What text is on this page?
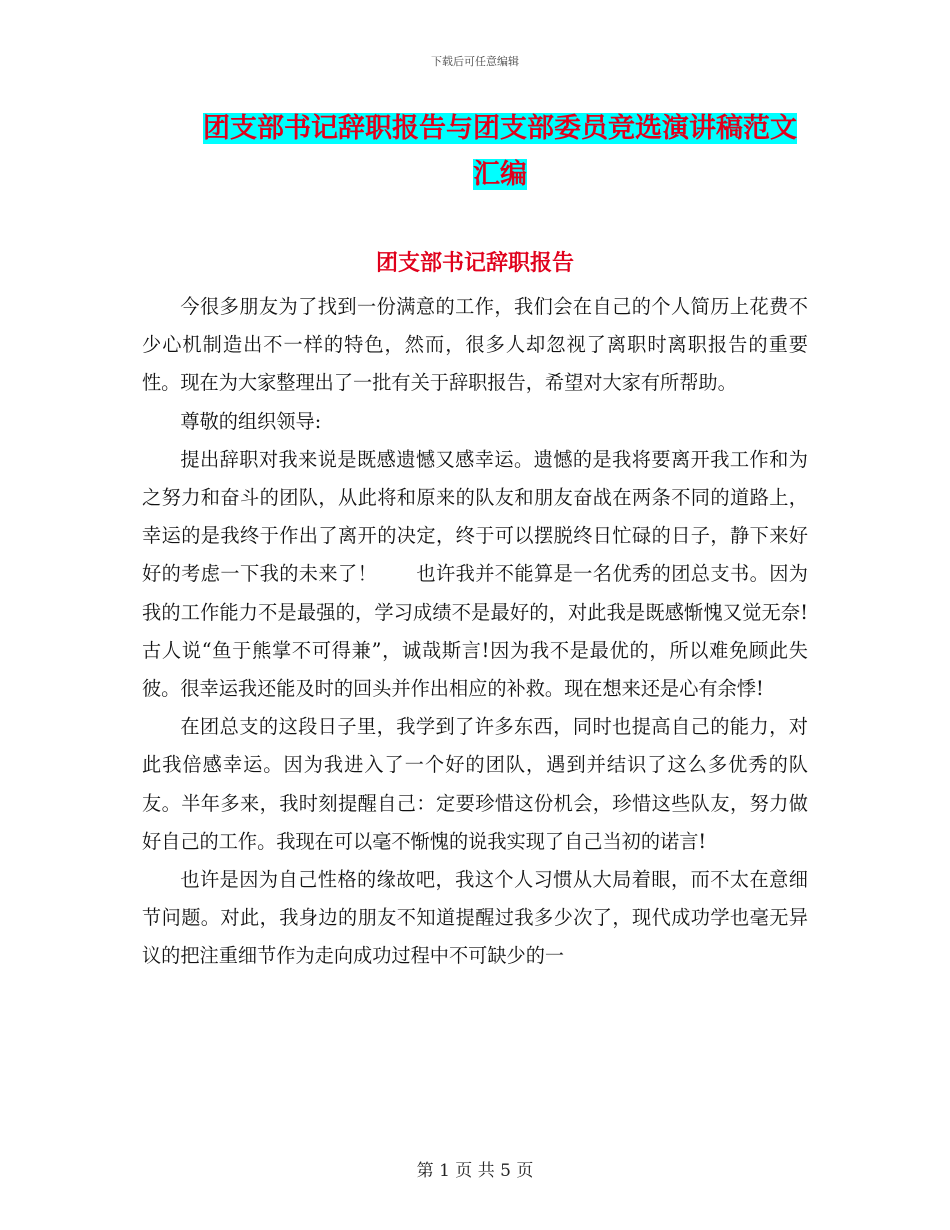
下载后可任意编辑
团支部书记辞职报告与团支部委员竞选演讲稿范文汇编
团支部书记辞职报告

今很多朋友为了找到一份满意的工作，我们会在自己的个人简历上花费不少心机制造出不一样的特色，然而，很多人却忽视了离职时离职报告的重要性。现在为大家整理出了一批有关于辞职报告，希望对大家有所帮助。

尊敬的组织领导:

提出辞职对我来说是既感遗憾又感幸运。遗憾的是我将要离开我工作和为之努力和奋斗的团队，从此将和原来的队友和朋友奋战在两条不同的道路上，幸运的是我终于作出了离开的决定，终于可以摆脱终日忙碌的日子，静下来好好的考虑一下我的未来了！　　也许我并不能算是一名优秀的团总支书。因为我的工作能力不是最强的，学习成绩不是最好的，对此我是既感惭愧又觉无奈!古人说“鱼于熊掌不可得兼”，诚哉斯言!因为我不是最优的，所以难免顾此失彼。很幸运我还能及时的回头并作出相应的补救。现在想来还是心有余悸!

在团总支的这段日子里，我学到了许多东西，同时也提高自己的能力，对此我倍感幸运。因为我进入了一个好的团队，遇到并结识了这么多优秀的队友。半年多来，我时刻提醒自己：定要珍惜这份机会，珍惜这些队友，努力做好自己的工作。我现在可以毫不惭愧的说我实现了自己当初的诺言!

也许是因为自己性格的缘故吧，我这个人习惯从大局着眼，而不太在意细节问题。对此，我身边的朋友不知道提醒过我多少次了，现代成功学也毫无异议的把注重细节作为走向成功过程中不可缺少的一

第 1 页 共 5 页
